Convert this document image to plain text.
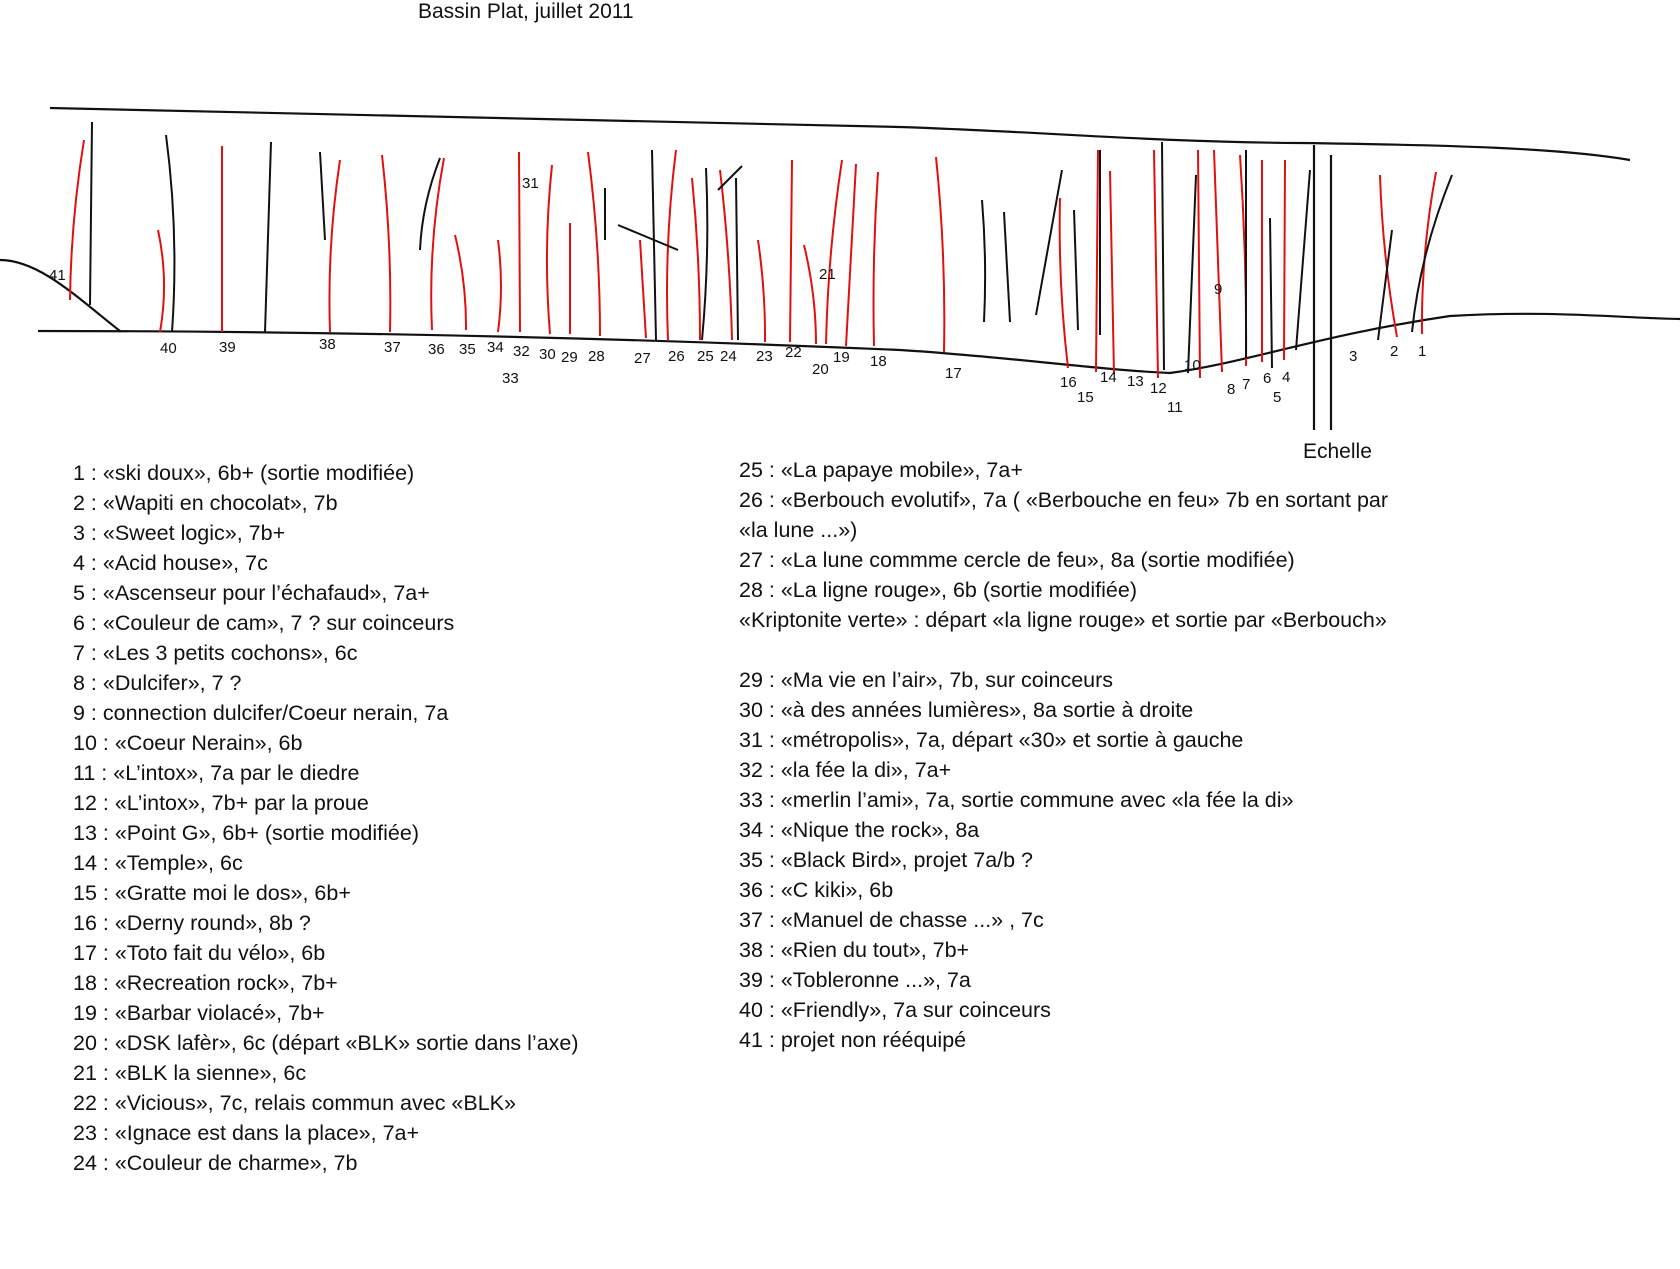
Bassin Plat, juillet 2011
1
2
3
4
5
6
7
8
9
10
11
12
13
14
15
16
17
18
19
20
21
22
23
24
25
26
27
28
29
30
31
32
33
34
35
36
37
38
39
40
41
Echelle
1 : «ski doux», 6b+ (sortie modifiée)
2 : «Wapiti en chocolat», 7b
3 : «Sweet logic», 7b+
4 : «Acid house», 7c
5 : «Ascenseur pour l’échafaud», 7a+
6 : «Couleur de cam», 7 ? sur coinceurs
7 : «Les 3 petits cochons», 6c
8 : «Dulcifer», 7 ?
9 : connection dulcifer/Coeur nerain, 7a
10 : «Coeur Nerain», 6b
11 : «L’intox», 7a par le diedre
12 : «L’intox», 7b+ par la proue
13 : «Point G», 6b+ (sortie modifiée)
14 : «Temple», 6c
15 : «Gratte moi le dos», 6b+
16 : «Derny round», 8b ?
17 : «Toto fait du vélo», 6b
18 : «Recreation rock», 7b+
19 : «Barbar violacé», 7b+
20 : «DSK lafèr», 6c (départ «BLK» sortie dans l’axe)
21 : «BLK la sienne», 6c
22 : «Vicious», 7c, relais commun avec «BLK»
23 : «Ignace est dans la place», 7a+
24 : «Couleur de charme», 7b
25 : «La papaye mobile», 7a+
26 : «Berbouch evolutif», 7a ( «Berbouche en feu» 7b en sortant par
«la lune ...»)
27 : «La lune commme cercle de feu», 8a (sortie modifiée)
28 : «La ligne rouge», 6b (sortie modifiée)
«Kriptonite verte» : départ «la ligne rouge» et sortie par «Berbouch»
29 : «Ma vie en l’air», 7b, sur coinceurs
30 : «à des années lumières», 8a sortie à droite
31 : «métropolis», 7a, départ «30» et sortie à gauche
32 : «la fée la di», 7a+
33 : «merlin l’ami», 7a, sortie commune avec «la fée la di»
34 : «Nique the rock», 8a
35 : «Black Bird», projet 7a/b ?
36 : «C kiki», 6b
37 : «Manuel de chasse ...» , 7c
38 : «Rien du tout», 7b+
39 : «Tobleronne ...», 7a
40 : «Friendly», 7a sur coinceurs
41 : projet non rééquipé
